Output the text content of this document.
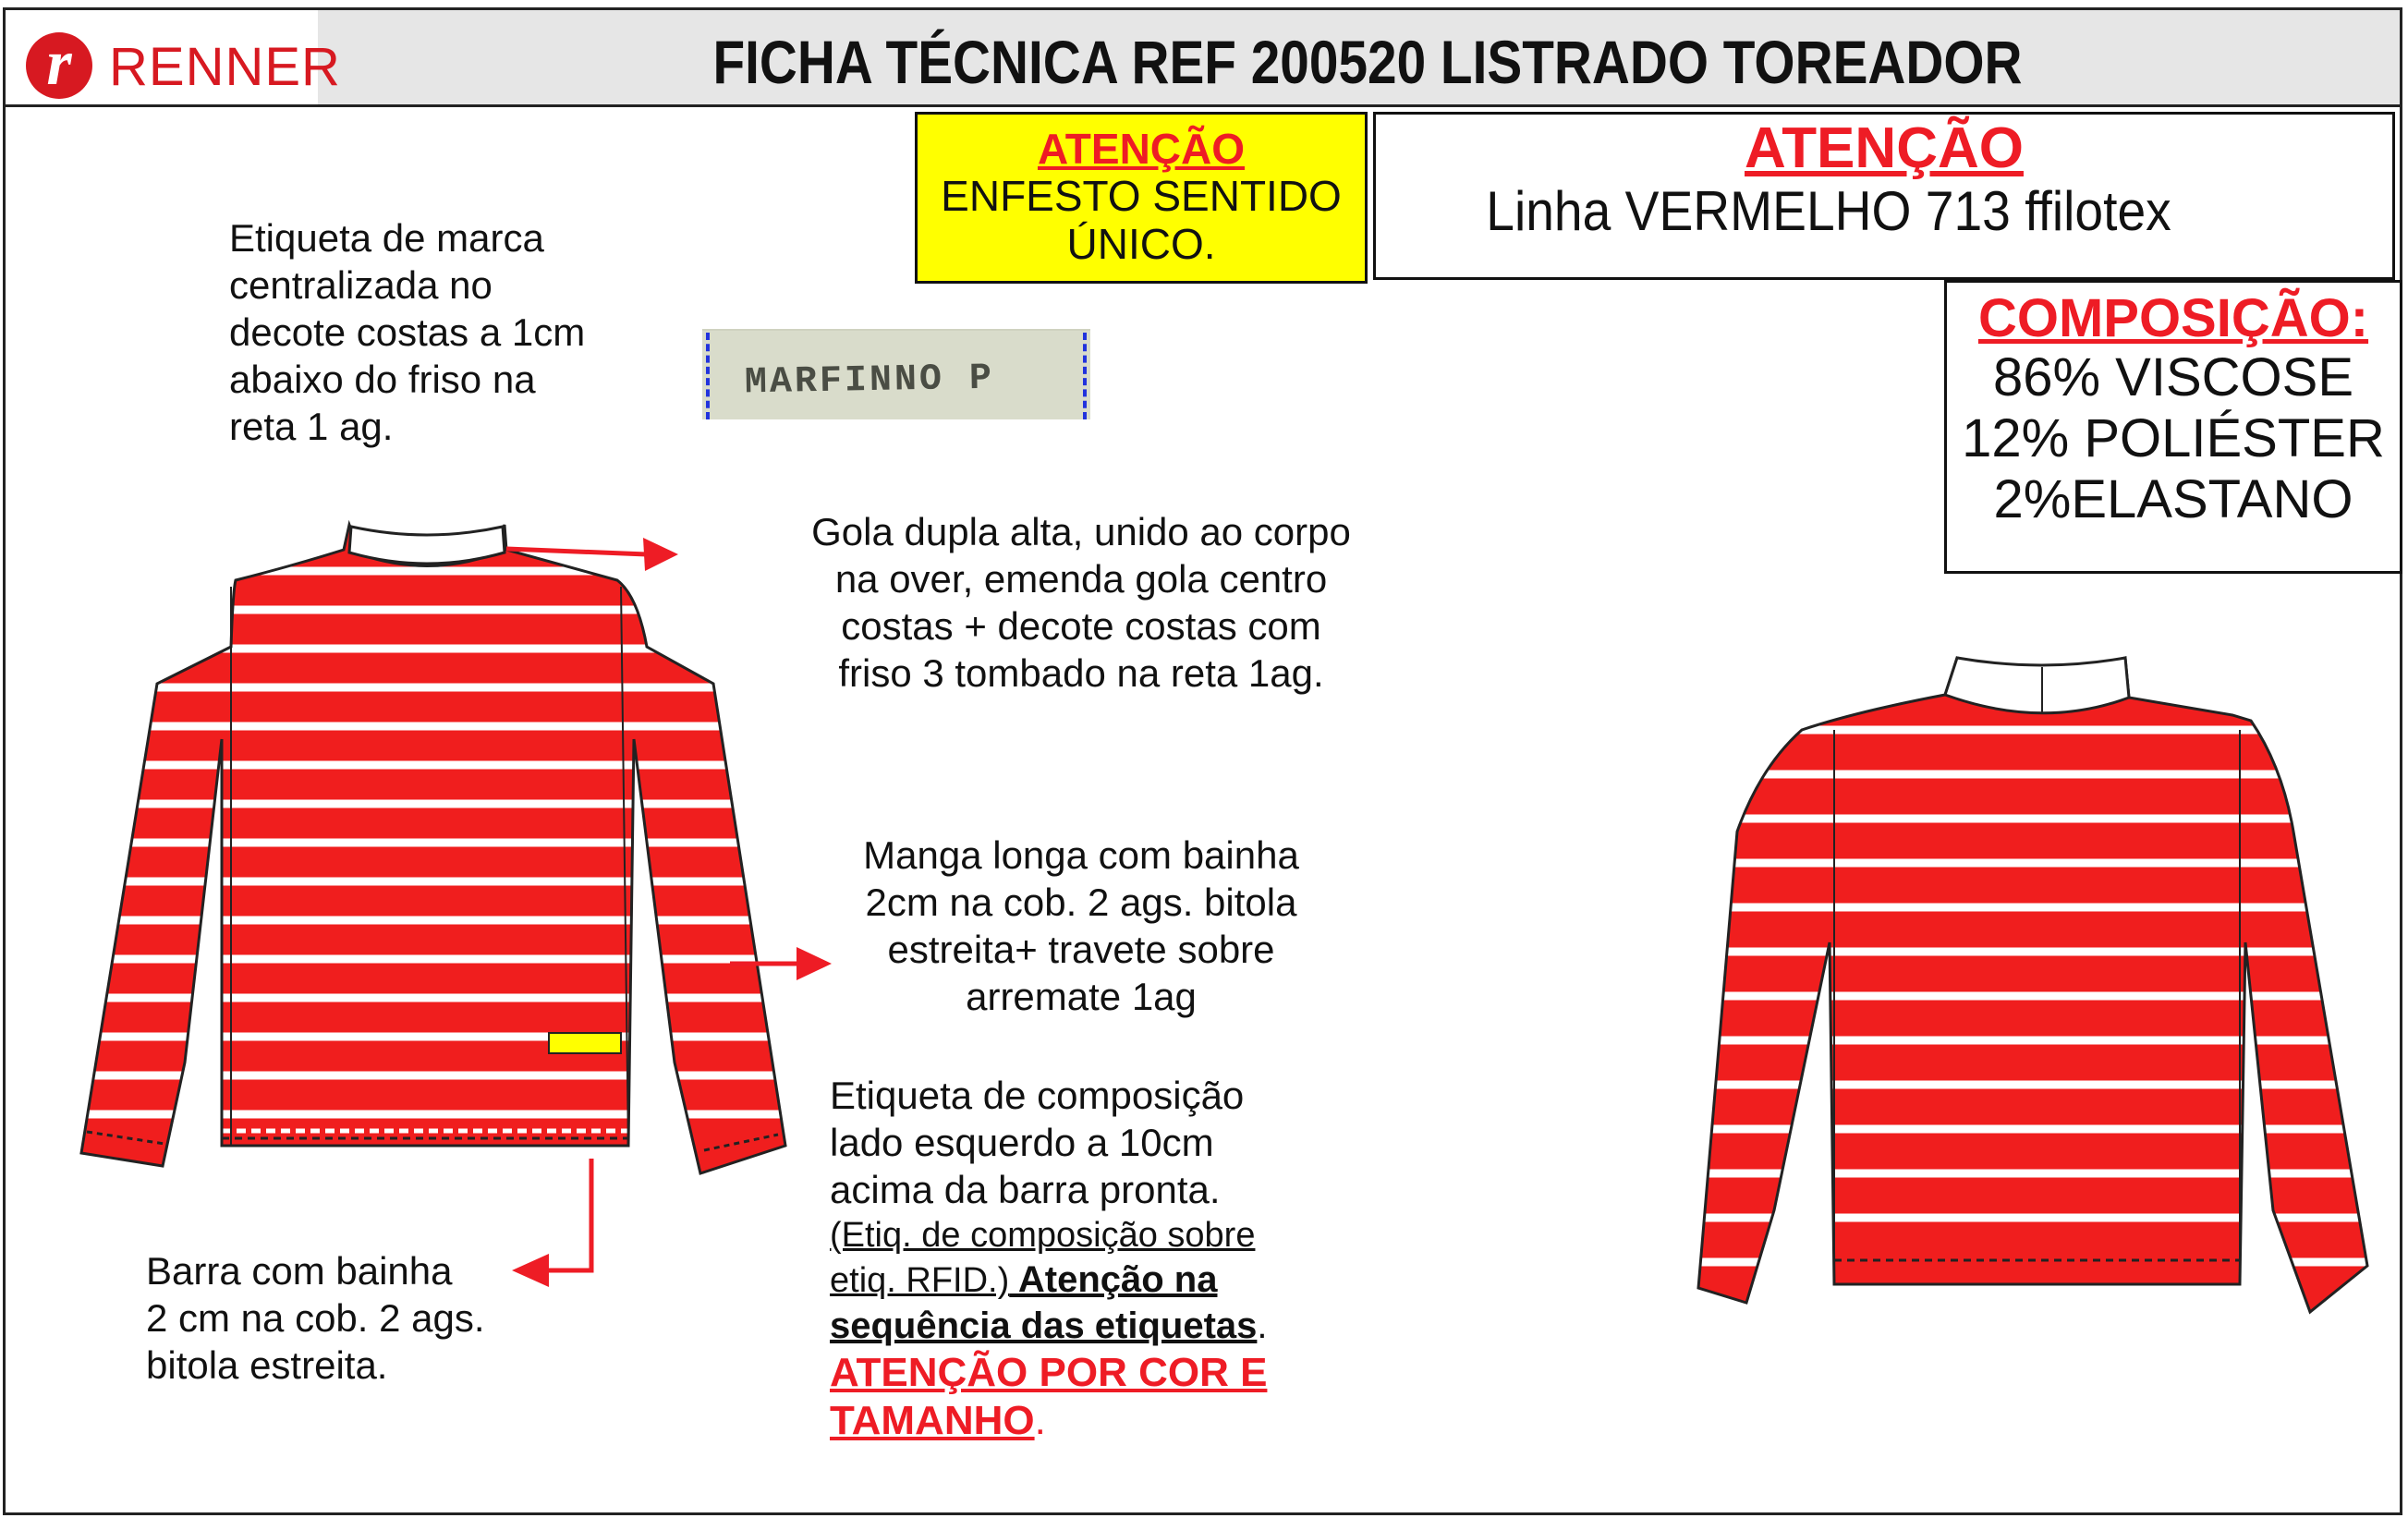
r RENNER	FICHA TÉCNICA REF 200520 LISTRADO TOREADOR
ATENÇÃO
ENFESTO SENTIDO
ÚNICO.
ATENÇÃO
Linha VERMELHO 713 ffilotex
COMPOSIÇÃO:
86% VISCOSE
12% POLIÉSTER
2%ELASTANO
Etiqueta de marca
centralizada no
decote costas a 1cm
abaixo do friso na
reta 1 ag.
MARFINNO P
Gola dupla alta, unido ao corpo
na over, emenda gola centro
costas + decote costas com
friso 3 tombado na reta 1ag.
Manga longa com bainha
2cm na cob. 2 ags. bitola
estreita+ travete sobre
arremate 1ag
Etiqueta de composição
lado esquerdo a 10cm
acima da barra pronta.
(Etiq. de composição sobre
etiq. RFID.) Atenção na
sequência das etiquetas.
ATENÇÃO POR COR E
TAMANHO.
Barra com bainha
2 cm na cob. 2 ags.
bitola estreita.
